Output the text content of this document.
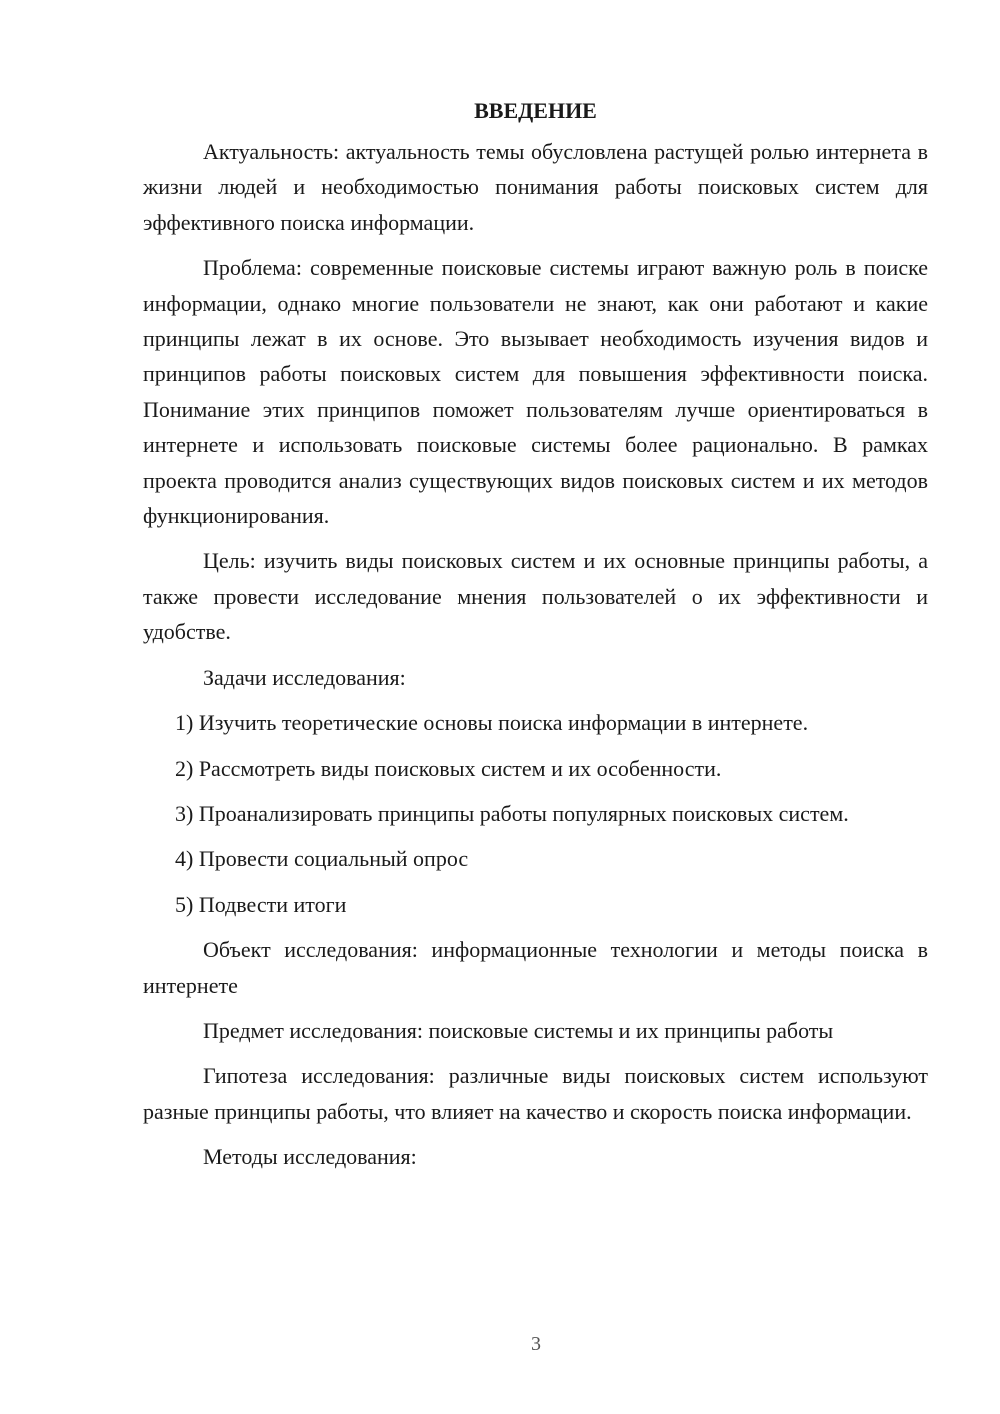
ВВЕДЕНИЕ

Актуальность: актуальность темы обусловлена растущей ролью интернета в жизни людей и необходимостью понимания работы поисковых систем для эффективного поиска информации.

Проблема: современные поисковые системы играют важную роль в поиске информации, однако многие пользователи не знают, как они работают и какие принципы лежат в их основе. Это вызывает необходимость изучения видов и принципов работы поисковых систем для повышения эффективности поиска. Понимание этих принципов поможет пользователям лучше ориентироваться в интернете и использовать поисковые системы более рационально. В рамках проекта проводится анализ существующих видов поисковых систем и их методов функционирования.

Цель: изучить виды поисковых систем и их основные принципы работы, а также провести исследование мнения пользователей о их эффективности и удобстве.

Задачи исследования:

1) Изучить теоретические основы поиска информации в интернете.

2) Рассмотреть виды поисковых систем и их особенности.

3) Проанализировать принципы работы популярных поисковых систем.

4) Провести социальный опрос

5) Подвести итоги

Объект исследования: информационные технологии и методы поиска в интернете

Предмет исследования: поисковые системы и их принципы работы

Гипотеза исследования: различные виды поисковых систем используют разные принципы работы, что влияет на качество и скорость поиска информации.

Методы исследования:

3
